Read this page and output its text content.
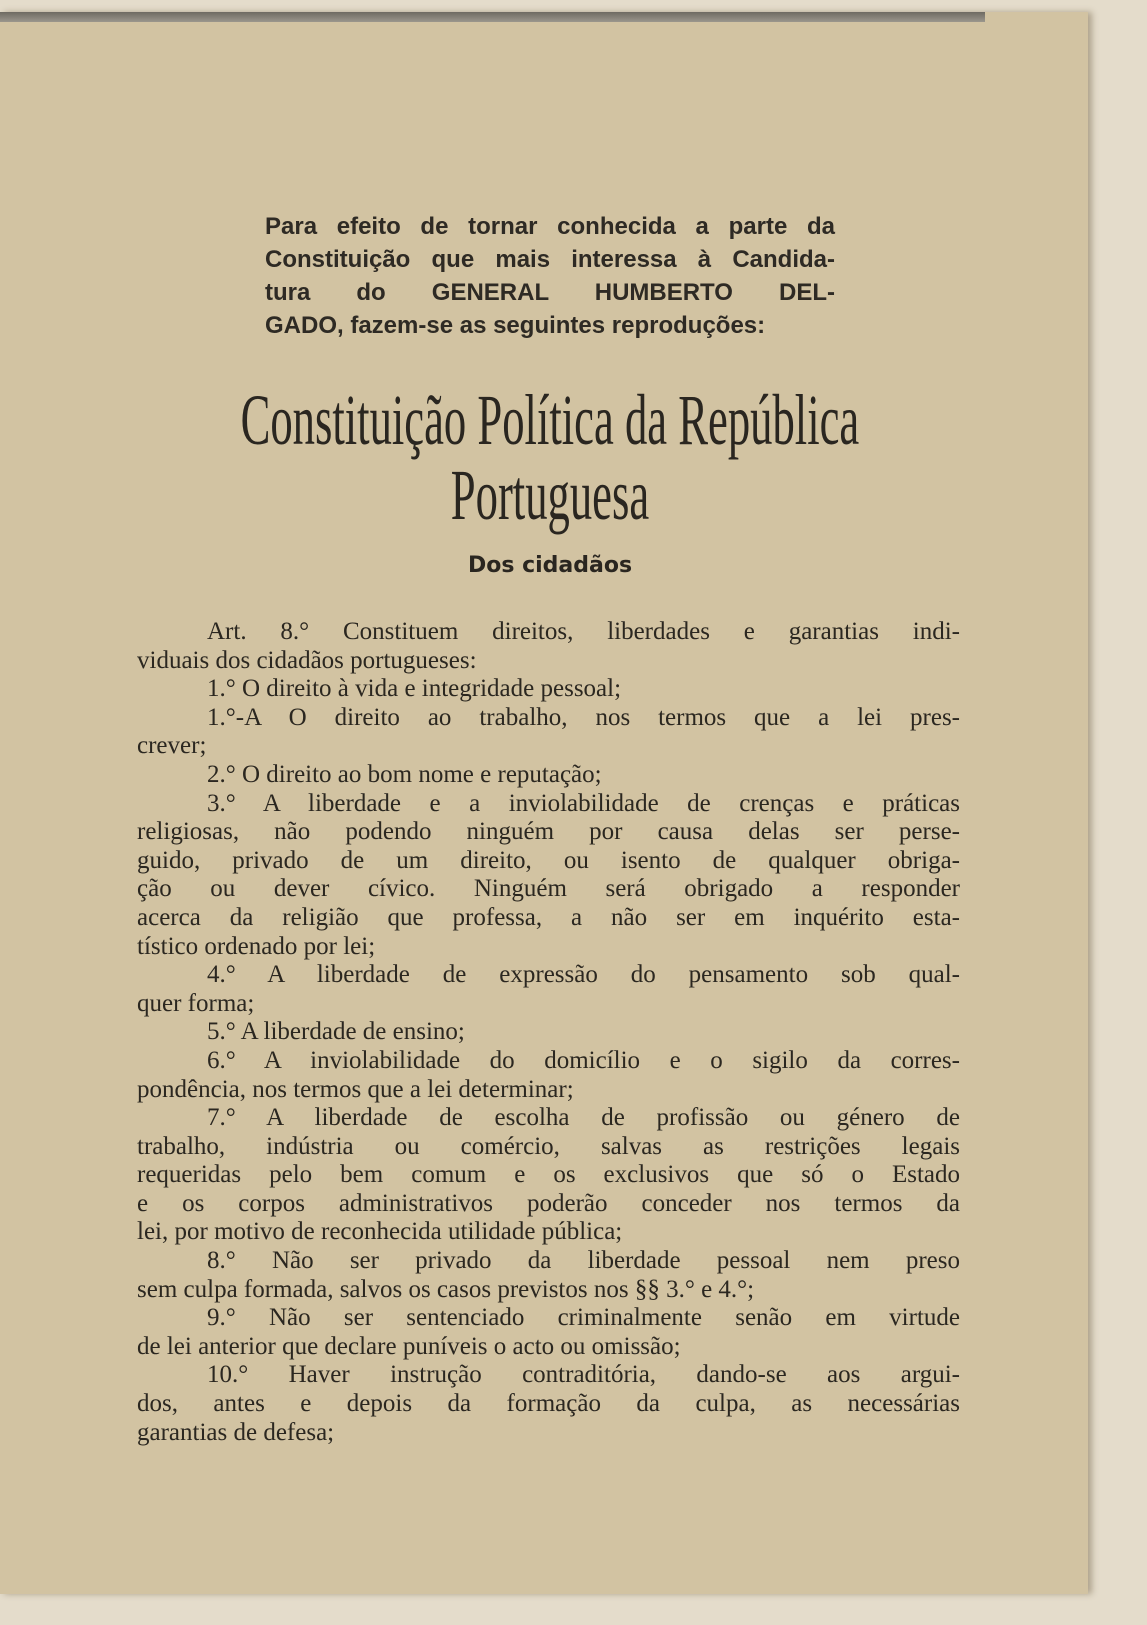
Para efeito de tornar conhecida a parte da
Constituição que mais interessa à Candida-
tura do GENERAL HUMBERTO DEL-
GADO, fazem-se as seguintes reproduções:
Constituição Política da República
Portuguesa
Dos cidadãos
Art. 8.° Constituem direitos, liberdades e garantias indi-
viduais dos cidadãos portugueses:
1.° O direito à vida e integridade pessoal;
1.°-A O direito ao trabalho, nos termos que a lei pres-
crever;
2.° O direito ao bom nome e reputação;
3.° A liberdade e a inviolabilidade de crenças e práticas
religiosas, não podendo ninguém por causa delas ser perse-
guido, privado de um direito, ou isento de qualquer obriga-
ção ou dever cívico. Ninguém será obrigado a responder
acerca da religião que professa, a não ser em inquérito esta-
tístico ordenado por lei;
4.° A liberdade de expressão do pensamento sob qual-
quer forma;
5.° A liberdade de ensino;
6.° A inviolabilidade do domicílio e o sigilo da corres-
pondência, nos termos que a lei determinar;
7.° A liberdade de escolha de profissão ou género de
trabalho, indústria ou comércio, salvas as restrições legais
requeridas pelo bem comum e os exclusivos que só o Estado
e os corpos administrativos poderão conceder nos termos da
lei, por motivo de reconhecida utilidade pública;
8.° Não ser privado da liberdade pessoal nem preso
sem culpa formada, salvos os casos previstos nos §§ 3.° e 4.°;
9.° Não ser sentenciado criminalmente senão em virtude
de lei anterior que declare puníveis o acto ou omissão;
10.° Haver instrução contraditória, dando-se aos argui-
dos, antes e depois da formação da culpa, as necessárias
garantias de defesa;
